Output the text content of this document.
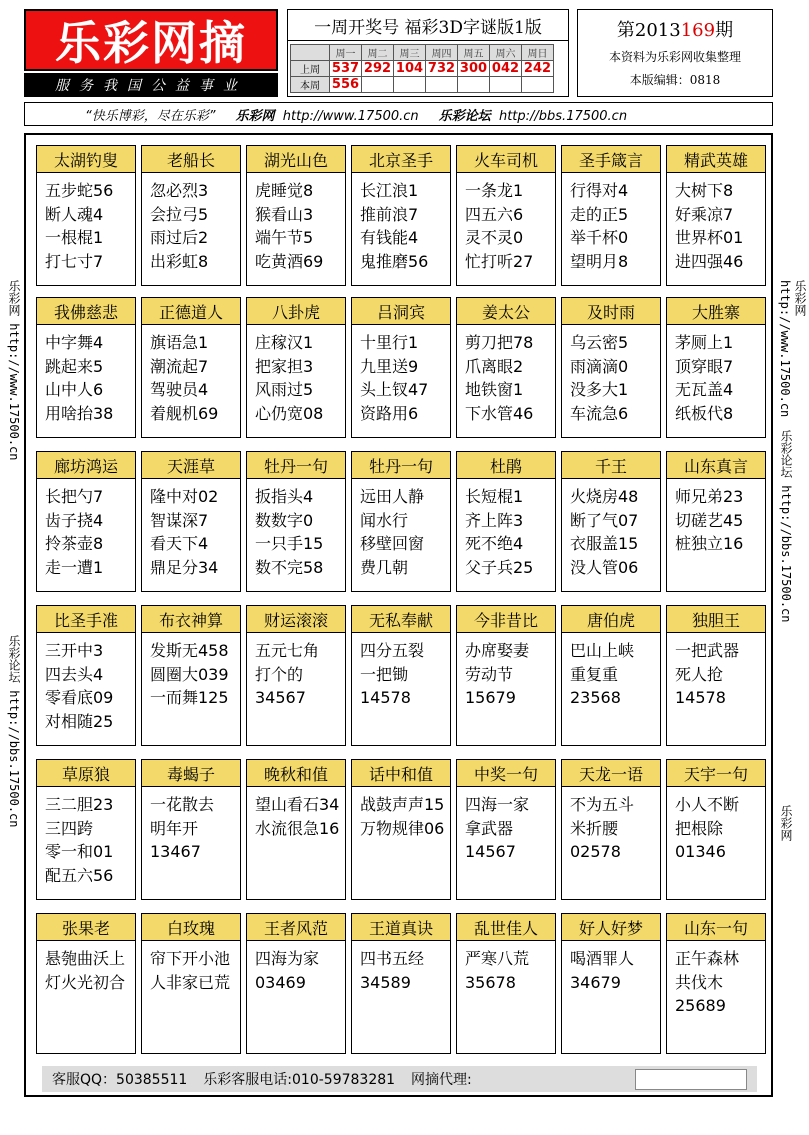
乐彩网摘
服务我国公益事业
一周开奖号 福彩3D字谜版1版
	周一	周二	周三	周四	周五	周六	周日
上周	537	292	104	732	300	042	242
本周	556						
第2013169期
本资料为乐彩网收集整理
本版编辑：0818
“快乐博彩，尽在乐彩” 乐彩网 http://www.17500.cn 乐彩论坛 http://bbs.17500.cn
乐彩网 http://www.17500.cn
乐彩论坛 http://bbs.17500.cn
乐彩网 http://www.17500.cn
乐彩论坛 http://bbs.17500.cn
乐彩网
太湖钓叟
五步蛇56
断人魂4
一根棍1
打七寸7
老船长
忽必烈3
会拉弓5
雨过后2
出彩虹8
湖光山色
虎睡觉8
猴看山3
端午节5
吃黄酒69
北京圣手
长江浪1
推前浪7
有钱能4
鬼推磨56
火车司机
一条龙1
四五六6
灵不灵0
忙打听27
圣手箴言
行得对4
走的正5
举千杯0
望明月8
精武英雄
大树下8
好乘凉7
世界杯01
进四强46
我佛慈悲
中字舞4
跳起来5
山中人6
用啥抬38
正德道人
旗语急1
潮流起7
驾驶员4
着舰机69
八卦虎
庄稼汉1
把家担3
风雨过5
心仍宽08
吕洞宾
十里行1
九里送9
头上钗47
资路用6
姜太公
剪刀把78
爪离眼2
地铁窗1
下水管46
及时雨
乌云密5
雨滴滴0
没多大1
车流急6
大胜寨
茅厕上1
顶穿眼7
无瓦盖4
纸板代8
廊坊鸿运
长把勺7
齿子挠4
拎茶壶8
走一遭1
天涯草
隆中对02
智谋深7
看天下4
鼎足分34
牡丹一句
扳指头4
数数字0
一只手15
数不完58
牡丹一句
远田人静
闻水行
移壁回窗
费几朝
杜鹃
长短棍1
齐上阵3
死不绝4
父子兵25
千王
火烧房48
断了气07
衣服盖15
没人管06
山东真言
师兄弟23
切磋艺45
桩独立16

比圣手准
三开中3
四去头4
零看底09
对相随25
布衣神算
发斯无458
圆圈大039
一而舞125

财运滚滚
五元七角
打个的
34567

无私奉献
四分五裂
一把锄
14578

今非昔比
办席娶妻
劳动节
15679

唐伯虎
巴山上峡
重复重
23568

独胆王
一把武器
死人抢
14578

草原狼
三二胆23
三四跨
零一和01
配五六56
毒蝎子
一花散去
明年开
13467

晚秋和值
望山看石34
水流很急16

话中和值
战鼓声声15
万物规律06

中奖一句
四海一家
拿武器
14567

天龙一语
不为五斗
米折腰
02578

天宇一句
小人不断
把根除
01346

张果老
悬匏曲沃上
灯火光初合

白玫瑰
帘下开小池
人非家已荒

王者风范
四海为家
03469

王道真诀
四书五经
34589

乱世佳人
严寒八荒
35678

好人好梦
喝酒罪人
34679

山东一句
正午森林
共伐木
25689

客服QQ：50385511 乐彩客服电话:010-59783281 网摘代理:
